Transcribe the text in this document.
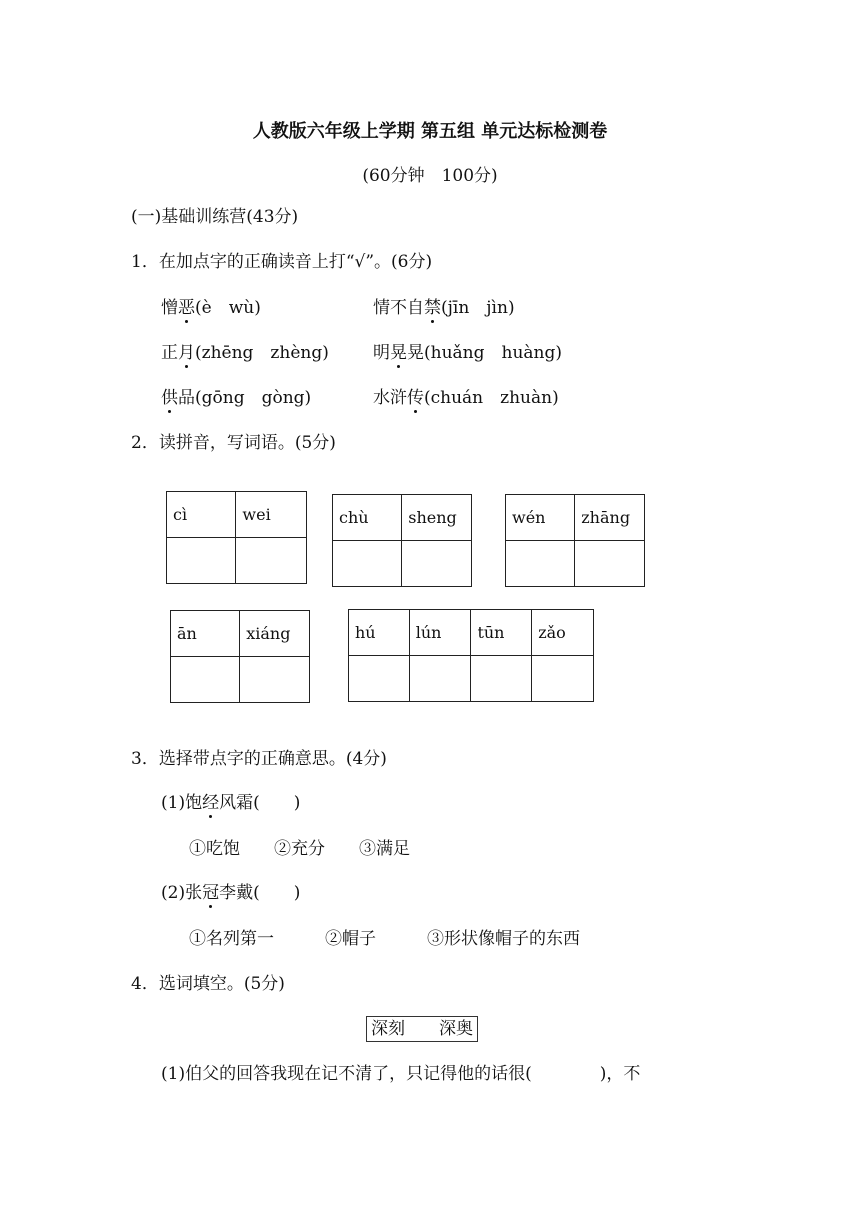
人教版六年级上学期 第五组 单元达标检测卷
(60分钟　100分)
(一)基础训练营(43分)
1．在加点字的正确读音上打“√”。(6分)
憎恶(è　wù)	情不自禁(jīn　jìn)
正月(zhēng　zhèng)	明晃晃(huǎng　huàng)
供品(gōng　gòng)	水浒传(chuán　zhuàn)
2．读拼音，写词语。(5分)
cì	wei
		chù	sheng
		wén	zhāng

ān	xiáng
		hú	lún	tūn	zǎo

3．选择带点字的正确意思。(4分)
(1)饱经风霜(　　)
①吃饱　　②充分　　③满足
(2)张冠李戴(　　)
①名列第一　　　②帽子　　　③形状像帽子的东西
4．选词填空。(5分)
深刻　　深奥
(1)伯父的回答我现在记不清了，只记得他的话很(　　　　)，不
